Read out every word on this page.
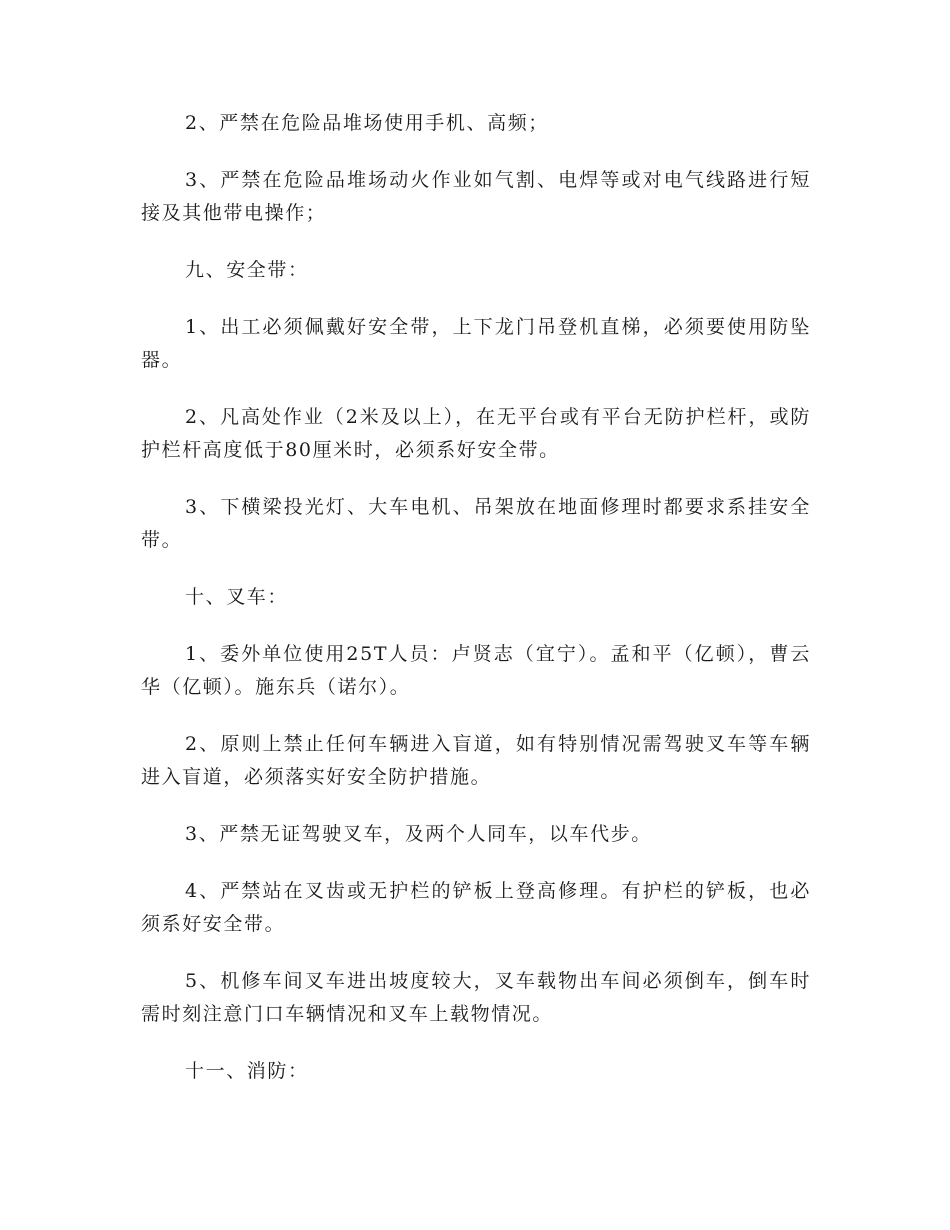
2、严禁在危险品堆场使用手机、高频；

3、严禁在危险品堆场动火作业如气割、电焊等或对电气线路进行短接及其他带电操作；

九、安全带：

1、出工必须佩戴好安全带，上下龙门吊登机直梯，必须要使用防坠器。

2、凡高处作业（2米及以上），在无平台或有平台无防护栏杆，或防护栏杆高度低于80厘米时，必须系好安全带。

3、下横梁投光灯、大车电机、吊架放在地面修理时都要求系挂安全带。

十、叉车：

1、委外单位使用25T人员：卢贤志（宜宁）。孟和平（亿顿），曹云华（亿顿）。施东兵（诺尔）。

2、原则上禁止任何车辆进入盲道，如有特别情况需驾驶叉车等车辆进入盲道，必须落实好安全防护措施。

3、严禁无证驾驶叉车，及两个人同车，以车代步。

4、严禁站在叉齿或无护栏的铲板上登高修理。有护栏的铲板，也必须系好安全带。

5、机修车间叉车进出坡度较大，叉车载物出车间必须倒车，倒车时需时刻注意门口车辆情况和叉车上载物情况。

十一、消防：
